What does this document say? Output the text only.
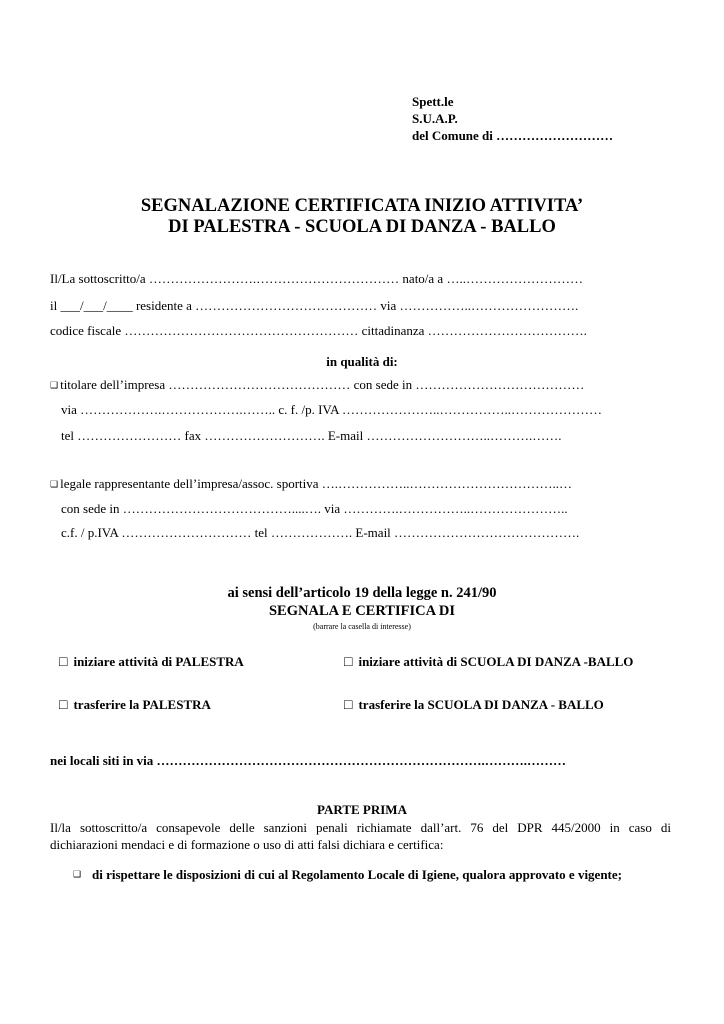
Spett.le
S.U.A.P.
del Comune di ………………………
SEGNALAZIONE CERTIFICATA INIZIO ATTIVITA’
DI PALESTRA - SCUOLA DI DANZA - BALLO
Il/La sottoscritto/a …………………….…………………………… nato/a a …..………………………
il ___/___/____ residente a …………………………………… via ……………..…………………….
codice fiscale ……………………………………………… cittadinanza ……………………………….
in qualità di:
❑ titolare dell’impresa …………………………………… con sede in …………………………………
via ……………….……………….…….. c. f. /p. IVA …………………..……………..…………………
tel …………………… fax ………………………. E-mail ………………………..……….…….
❑ legale rappresentante dell’impresa/assoc. sportiva ….……………..……………………………..…
con sede in …………………………………....…. via ………….……………..…………………..
c.f. / p.IVA ………………………… tel ………………. E-mail …………………………………….
ai sensi dell’articolo 19 della legge n. 241/90
SEGNALA E CERTIFICA DI
(barrare la casella di interesse)
□ iniziare attività di PALESTRA	□ iniziare attività di SCUOLA DI DANZA -BALLO
□ trasferire la PALESTRA	□ trasferire la SCUOLA DI DANZA - BALLO
nei locali siti in via ………………………………………………………………….……….………
PARTE PRIMA
Il/la sottoscritto/a consapevole delle sanzioni penali richiamate dall’art. 76 del DPR 445/2000 in caso di
dichiarazioni mendaci e di formazione o uso di atti falsi dichiara e certifica:
❑ di rispettare le disposizioni di cui al Regolamento Locale di Igiene, qualora approvato e vigente;
